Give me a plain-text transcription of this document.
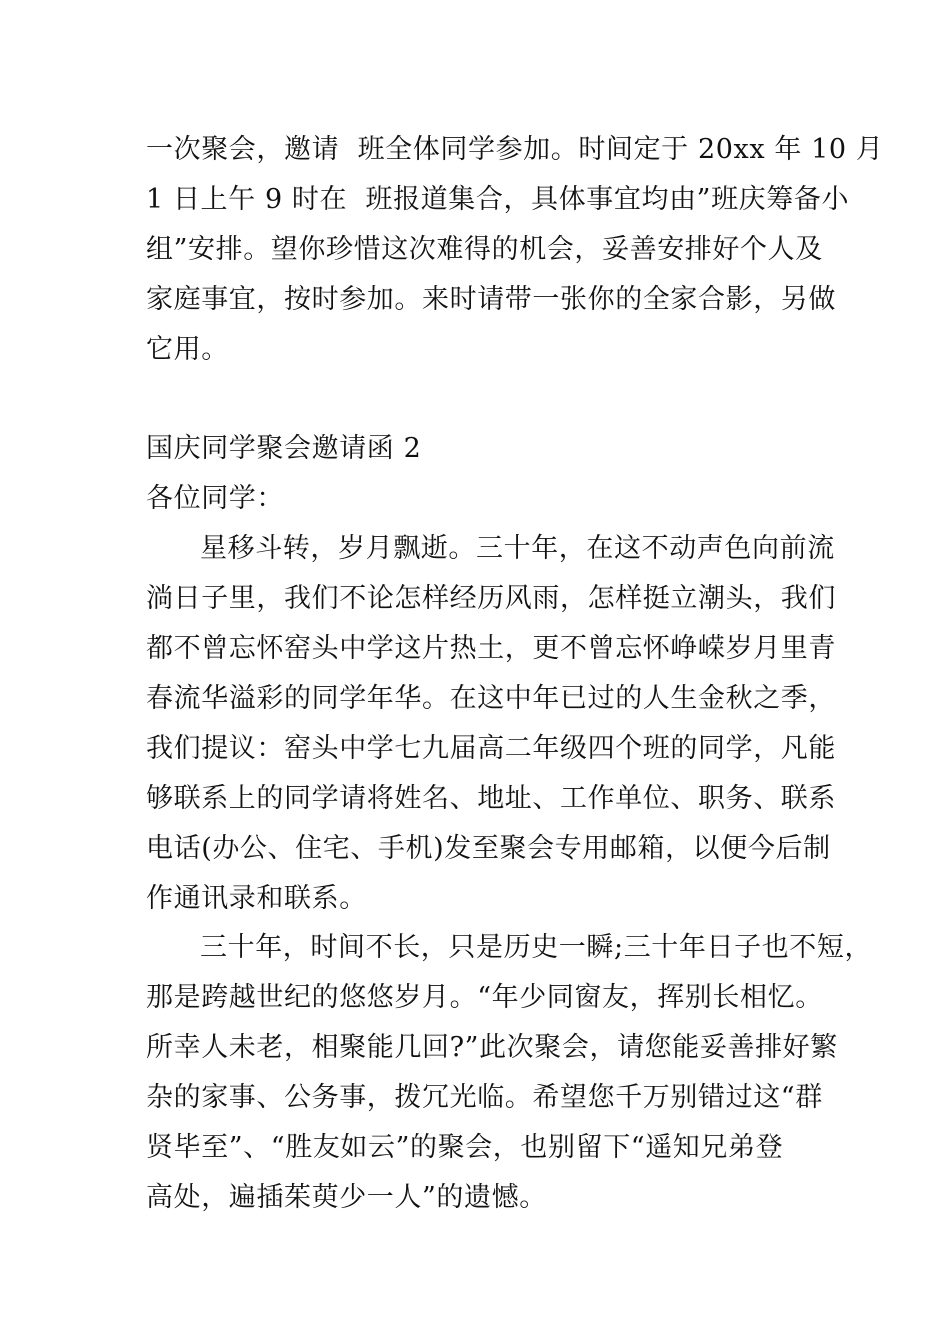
一次聚会，邀请  班全体同学参加。时间定于 20xx 年 10 月
1 日上午 9 时在  班报道集合，具体事宜均由”班庆筹备小
组”安排。望你珍惜这次难得的机会，妥善安排好个人及
家庭事宜，按时参加。来时请带一张你的全家合影，另做
它用。
国庆同学聚会邀请函 2
各位同学：
星移斗转，岁月飘逝。三十年，在这不动声色向前流
淌日子里，我们不论怎样经历风雨，怎样挺立潮头，我们
都不曾忘怀窑头中学这片热土，更不曾忘怀峥嵘岁月里青
春流华溢彩的同学年华。在这中年已过的人生金秋之季，
我们提议：窑头中学七九届高二年级四个班的同学，凡能
够联系上的同学请将姓名、地址、工作单位、职务、联系
电话(办公、住宅、手机)发至聚会专用邮箱，以便今后制
作通讯录和联系。
三十年，时间不长，只是历史一瞬;三十年日子也不短，
那是跨越世纪的悠悠岁月。“年少同窗友，挥别长相忆。
所幸人未老，相聚能几回?”此次聚会，请您能妥善排好繁
杂的家事、公务事，拨冗光临。希望您千万别错过这“群
贤毕至”、“胜友如云”的聚会，也别留下“遥知兄弟登
高处，遍插茱萸少一人”的遗憾。
